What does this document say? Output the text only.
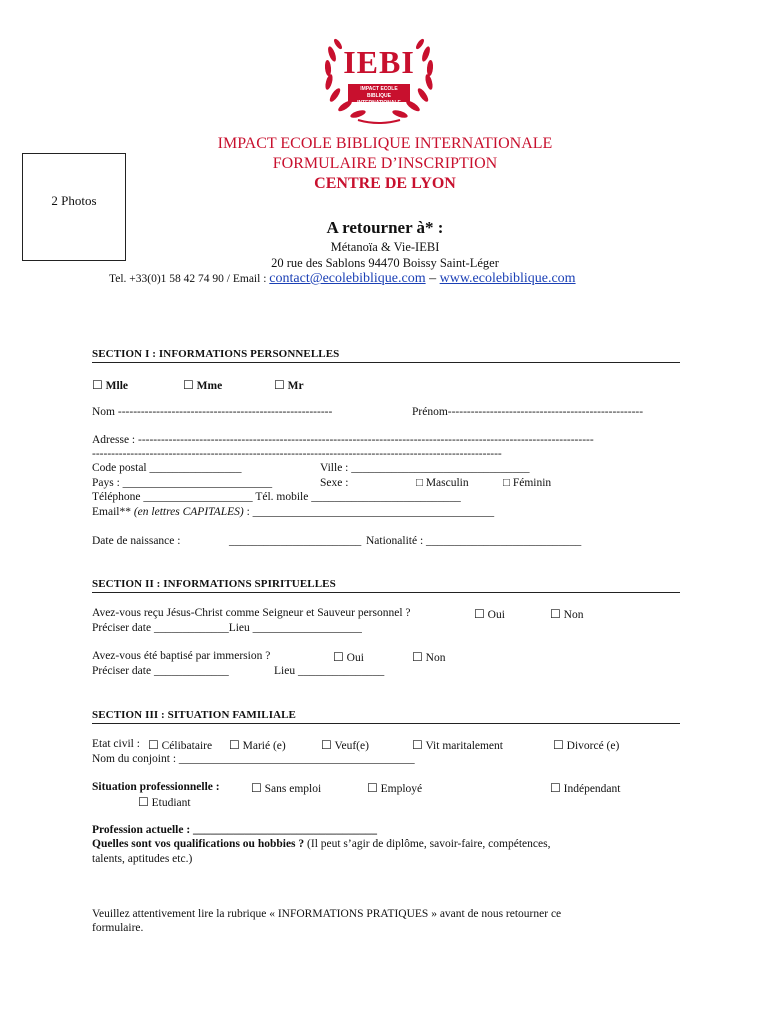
IEBI
IMPACT ECOLE BIBLIQUE
INTERNATIONALE
IMPACT ECOLE BIBLIQUE INTERNATIONALE
FORMULAIRE D’INSCRIPTION
CENTRE DE LYON
2 Photos
A retourner à* :
Métanoïa & Vie-IEBI
20 rue des Sablons 94470 Boissy Saint-Léger
Tel. +33(0)1 58 42 74 90 / Email : contact@ecolebiblique.com – www.ecolebiblique.com
SECTION I : INFORMATIONS PERSONNELLES
☐ Mlle	☐ Mme	☐ Mr
Nom --------------------------------------------------------	Prénom---------------------------------------------------
Adresse : -----------------------------------------------------------------------------------------------------------------------
-----------------------------------------------------------------------------------------------------------
Code postal ________________	Ville : _______________________________
Pays : __________________________	Sexe :	□ Masculin	□ Féminin
Téléphone ___________________ Tél. mobile __________________________
Email** (en lettres CAPITALES) : __________________________________________
Date de naissance :	_______________________ Nationalité : ___________________________
SECTION II : INFORMATIONS SPIRITUELLES
Avez-vous reçu Jésus-Christ comme Seigneur et Sauveur personnel ?	☐ Oui	☐ Non
Préciser date _____________Lieu ___________________
Avez-vous été baptisé par immersion ?	☐ Oui	☐ Non
Préciser date _____________	Lieu _______________
SECTION III : SITUATION FAMILIALE
Etat civil : ☐ Célibataire ☐ Marié (e)	☐ Veuf(e)	☐ Vit maritalement	☐ Divorcé (e)
Nom du conjoint : _________________________________________
Situation professionnelle :	☐ Sans emploi	☐ Employé	☐ Indépendant
☐ Etudiant
Profession actuelle : ________________________________
Quelles sont vos qualifications ou hobbies ? (Il peut s’agir de diplôme, savoir-faire, compétences,
talents, aptitudes etc.)
Veuillez attentivement lire la rubrique « INFORMATIONS PRATIQUES » avant de nous retourner ce
formulaire.
